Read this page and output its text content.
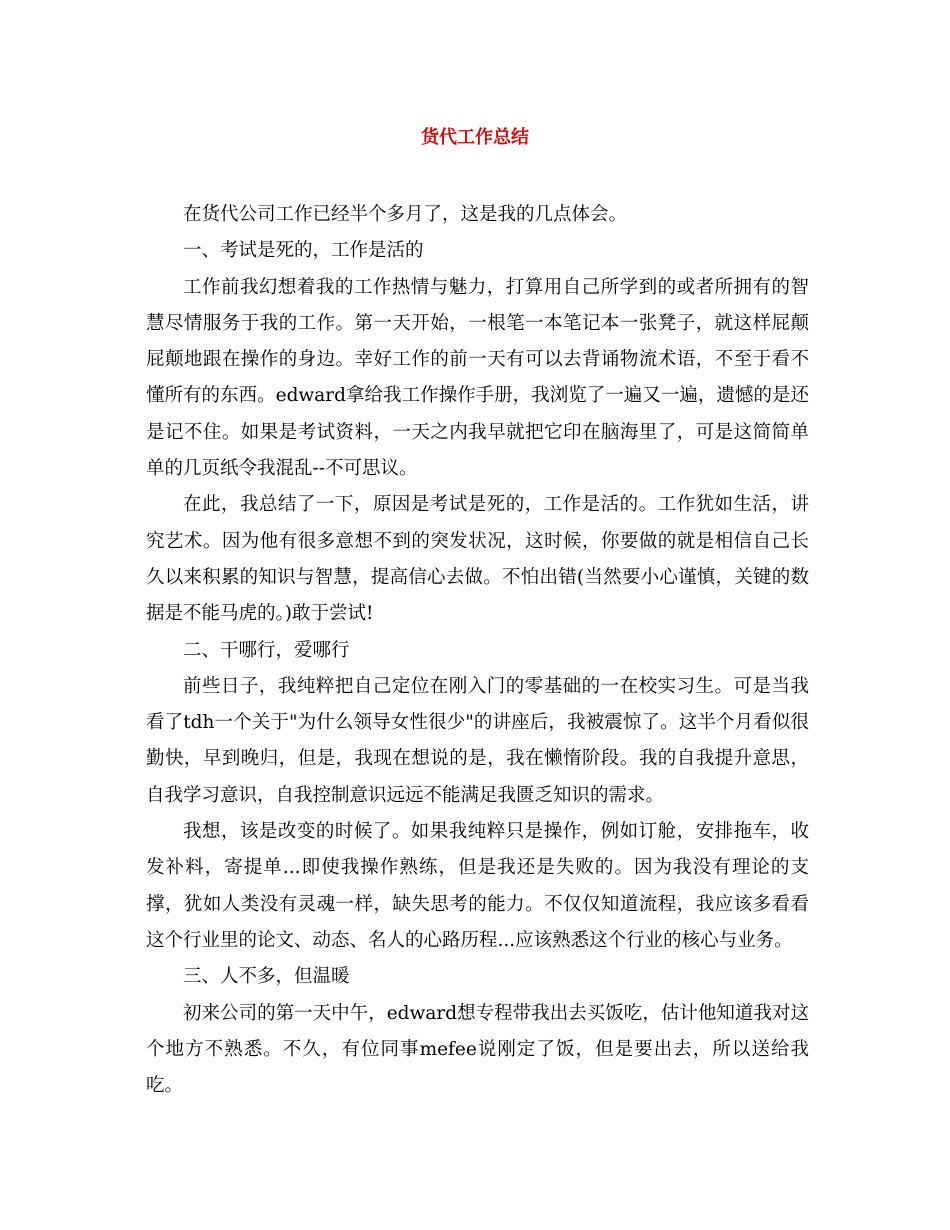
货代工作总结

在货代公司工作已经半个多月了，这是我的几点体会。

一、考试是死的，工作是活的

工作前我幻想着我的工作热情与魅力，打算用自己所学到的或者所拥有的智慧尽情服务于我的工作。第一天开始，一根笔一本笔记本一张凳子，就这样屁颠屁颠地跟在操作的身边。幸好工作的前一天有可以去背诵物流术语，不至于看不懂所有的东西。edward拿给我工作操作手册，我浏览了一遍又一遍，遗憾的是还是记不住。如果是考试资料，一天之内我早就把它印在脑海里了，可是这简简单单的几页纸令我混乱--不可思议。

在此，我总结了一下，原因是考试是死的，工作是活的。工作犹如生活，讲究艺术。因为他有很多意想不到的突发状况，这时候，你要做的就是相信自己长久以来积累的知识与智慧，提高信心去做。不怕出错(当然要小心谨慎，关键的数据是不能马虎的。)敢于尝试!

二、干哪行，爱哪行

前些日子，我纯粹把自己定位在刚入门的零基础的一在校实习生。可是当我看了tdh一个关于"为什么领导女性很少"的讲座后，我被震惊了。这半个月看似很勤快，早到晚归，但是，我现在想说的是，我在懒惰阶段。我的自我提升意思，自我学习意识，自我控制意识远远不能满足我匮乏知识的需求。

我想，该是改变的时候了。如果我纯粹只是操作，例如订舱，安排拖车，收发补料，寄提单...即使我操作熟练，但是我还是失败的。因为我没有理论的支撑，犹如人类没有灵魂一样，缺失思考的能力。不仅仅知道流程，我应该多看看这个行业里的论文、动态、名人的心路历程...应该熟悉这个行业的核心与业务。

三、人不多，但温暖

初来公司的第一天中午，edward想专程带我出去买饭吃，估计他知道我对这个地方不熟悉。不久，有位同事mefee说刚定了饭，但是要出去，所以送给我吃。
